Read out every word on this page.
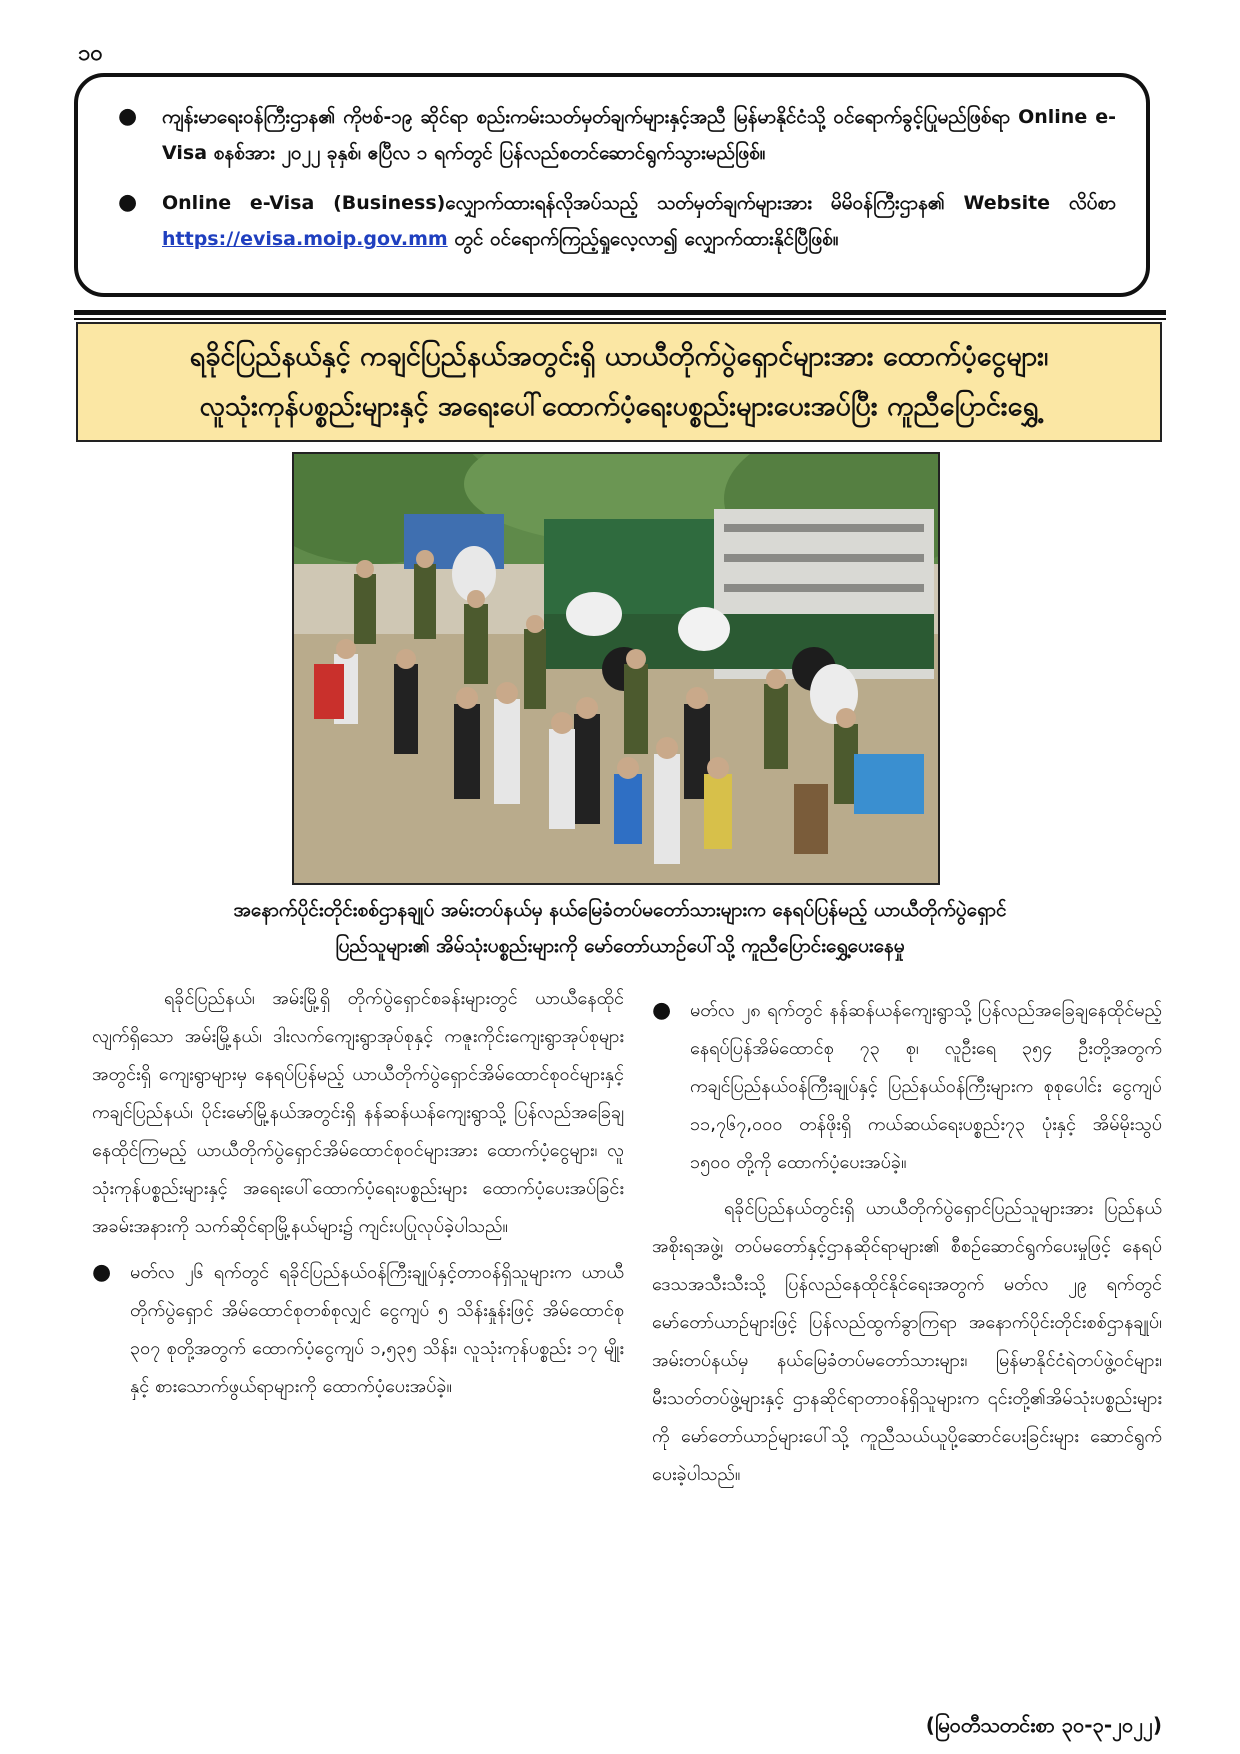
၁၀
● ကျန်းမာရေးဝန်ကြီးဌာန၏ ကိုဗစ်-၁၉ ဆိုင်ရာ စည်းကမ်းသတ်မှတ်ချက်များနှင့်အညီ မြန်မာနိုင်ငံသို့ ဝင်ရောက်ခွင့်ပြုမည်ဖြစ်ရာ Online e-Visa စနစ်အား ၂၀၂၂ ခုနှစ်၊ ဧပြီလ ၁ ရက်တွင် ပြန်လည်စတင်ဆောင်ရွက်သွားမည်ဖြစ်။
● Online e-Visa (Business)လျှောက်ထားရန်လိုအပ်သည့် သတ်မှတ်ချက်များအား မိမိဝန်ကြီးဌာန၏ Website လိပ်စာ https://evisa.moip.gov.mm တွင် ဝင်ရောက်ကြည့်ရှုလေ့လာ၍ လျှောက်ထားနိုင်ပြီဖြစ်။
ရခိုင်ပြည်နယ်နှင့် ကချင်ပြည်နယ်အတွင်းရှိ ယာယီတိုက်ပွဲရှောင်များအား ထောက်ပံ့ငွေများ၊
လူသုံးကုန်ပစ္စည်းများနှင့် အရေးပေါ်ထောက်ပံ့ရေးပစ္စည်းများပေးအပ်ပြီး ကူညီပြောင်းရွှေ့
အနောက်ပိုင်းတိုင်းစစ်ဌာနချုပ် အမ်းတပ်နယ်မှ နယ်မြေခံတပ်မတော်သားများက နေရပ်ပြန်မည့် ယာယီတိုက်ပွဲရှောင်
ပြည်သူများ၏ အိမ်သုံးပစ္စည်းများကို မော်တော်ယာဉ်ပေါ်သို့ ကူညီပြောင်းရွှေ့ပေးနေမှု

ရခိုင်ပြည်နယ်၊ အမ်းမြို့ရှိ တိုက်ပွဲရှောင်စခန်းများတွင် ယာယီနေထိုင်လျက်ရှိသော အမ်းမြို့နယ်၊ ဒါးလက်ကျေးရွာအုပ်စုနှင့် ကဇူးကိုင်းကျေးရွာအုပ်စုများအတွင်းရှိ ကျေးရွာများမှ နေရပ်ပြန်မည့် ယာယီတိုက်ပွဲရှောင်အိမ်ထောင်စုဝင်များနှင့် ကချင်ပြည်နယ်၊ ပိုင်းမော်မြို့နယ်အတွင်းရှိ နန်ဆန်ယန်ကျေးရွာသို့ ပြန်လည်အခြေချနေထိုင်ကြမည့် ယာယီတိုက်ပွဲရှောင်အိမ်ထောင်စုဝင်များအား ထောက်ပံ့ငွေများ၊ လူသုံးကုန်ပစ္စည်းများနှင့် အရေးပေါ်ထောက်ပံ့ရေးပစ္စည်းများ ထောက်ပံ့ပေးအပ်ခြင်းအခမ်းအနားကို သက်ဆိုင်ရာမြို့နယ်များ၌ ကျင်းပပြုလုပ်ခဲ့ပါသည်။

● မတ်လ ၂၆ ရက်တွင် ရခိုင်ပြည်နယ်ဝန်ကြီးချုပ်နှင့်တာဝန်ရှိသူများက ယာယီတိုက်ပွဲရှောင် အိမ်ထောင်စုတစ်စုလျှင် ငွေကျပ် ၅ သိန်းနှုန်းဖြင့် အိမ်ထောင်စု ၃၀၇ စုတို့အတွက် ထောက်ပံ့ငွေကျပ် ၁,၅၃၅ သိန်း၊ လူသုံးကုန်ပစ္စည်း ၁၇ မျိုးနှင့် စားသောက်ဖွယ်ရာများကို ထောက်ပံ့ပေးအပ်ခဲ့။
● မတ်လ ၂၈ ရက်တွင် နန်ဆန်ယန်ကျေးရွာသို့ ပြန်လည်အခြေချနေထိုင်မည့် နေရပ်ပြန်အိမ်ထောင်စု ၇၃ စု၊ လူဦးရေ ၃၅၄ ဦးတို့အတွက် ကချင်ပြည်နယ်ဝန်ကြီးချုပ်နှင့် ပြည်နယ်ဝန်ကြီးများက စုစုပေါင်း ငွေကျပ် ၁၁,၇၆၇,၀၀၀ တန်ဖိုးရှိ ကယ်ဆယ်ရေးပစ္စည်း၇၃ ပုံးနှင့် အိမ်မိုးသွပ် ၁၅၀၀ တို့ကို ထောက်ပံ့ပေးအပ်ခဲ့။

ရခိုင်ပြည်နယ်တွင်းရှိ ယာယီတိုက်ပွဲရှောင်ပြည်သူများအား ပြည်နယ်အစိုးရအဖွဲ့၊ တပ်မတော်နှင့်ဌာနဆိုင်ရာများ၏ စီစဉ်ဆောင်ရွက်ပေးမှုဖြင့် နေရပ်ဒေသအသီးသီးသို့ ပြန်လည်နေထိုင်နိုင်ရေးအတွက် မတ်လ ၂၉ ရက်တွင် မော်တော်ယာဉ်များဖြင့် ပြန်လည်ထွက်ခွာကြရာ အနောက်ပိုင်းတိုင်းစစ်ဌာနချုပ်၊ အမ်းတပ်နယ်မှ နယ်မြေခံတပ်မတော်သားများ၊ မြန်မာနိုင်ငံရဲတပ်ဖွဲ့ဝင်များ၊ မီးသတ်တပ်ဖွဲ့များနှင့် ဌာနဆိုင်ရာတာဝန်ရှိသူများက ၎င်းတို့၏အိမ်သုံးပစ္စည်းများကို မော်တော်ယာဉ်များပေါ်သို့ ကူညီသယ်ယူပို့ဆောင်ပေးခြင်းများ ဆောင်ရွက်ပေးခဲ့ပါသည်။

(မြဝတီသတင်းစာ ၃၀-၃-၂၀၂၂)
